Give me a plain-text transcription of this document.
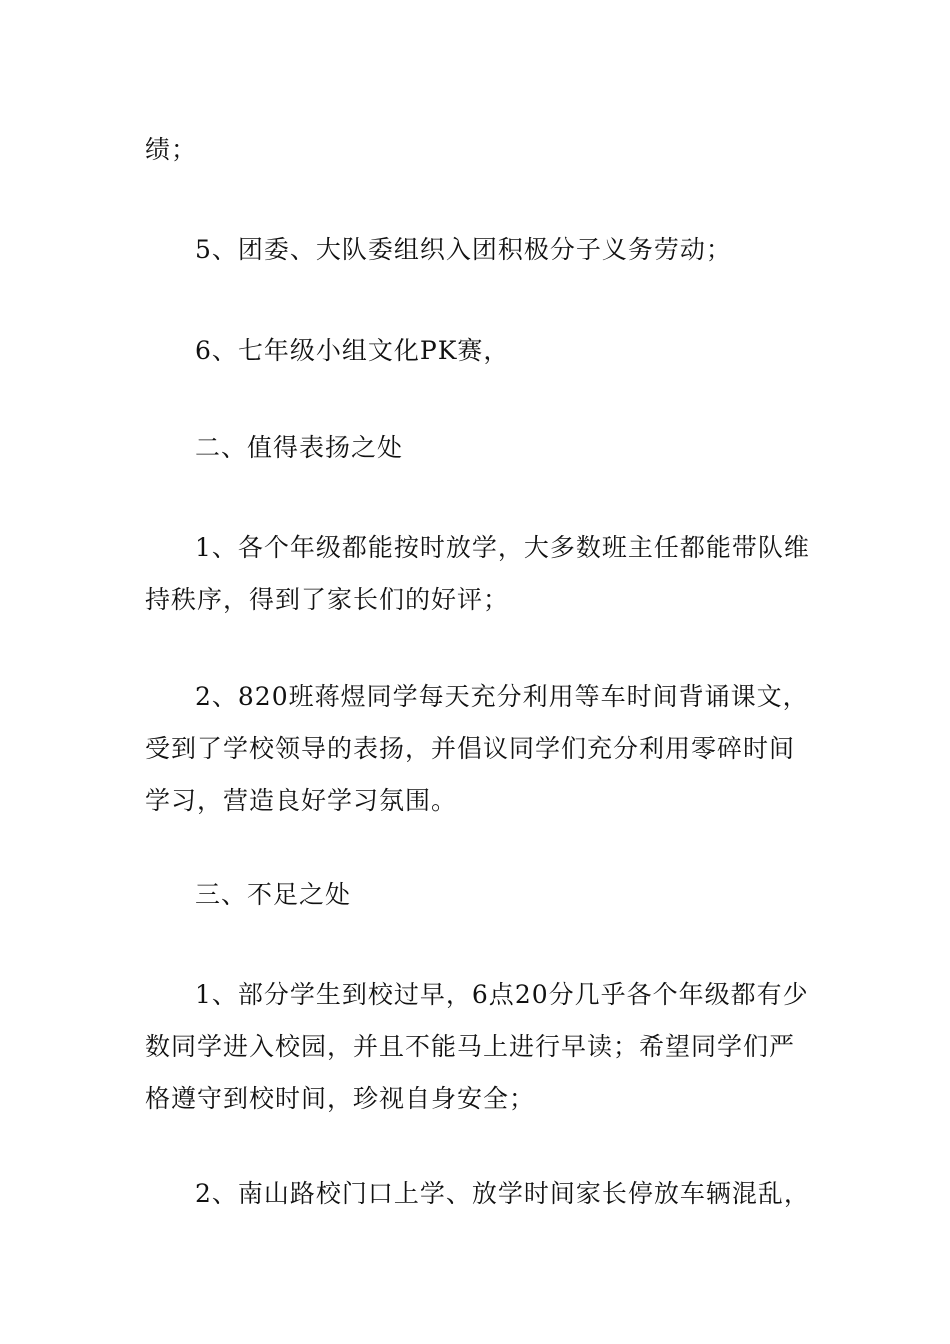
绩；

5、团委、大队委组织入团积极分子义务劳动；

6、七年级小组文化PK赛，

二、值得表扬之处

1、各个年级都能按时放学，大多数班主任都能带队维
持秩序，得到了家长们的好评；

2、820班蒋煜同学每天充分利用等车时间背诵课文，
受到了学校领导的表扬，并倡议同学们充分利用零碎时间
学习，营造良好学习氛围。

三、不足之处

1、部分学生到校过早，6点20分几乎各个年级都有少
数同学进入校园，并且不能马上进行早读；希望同学们严
格遵守到校时间，珍视自身安全；

2、南山路校门口上学、放学时间家长停放车辆混乱，
